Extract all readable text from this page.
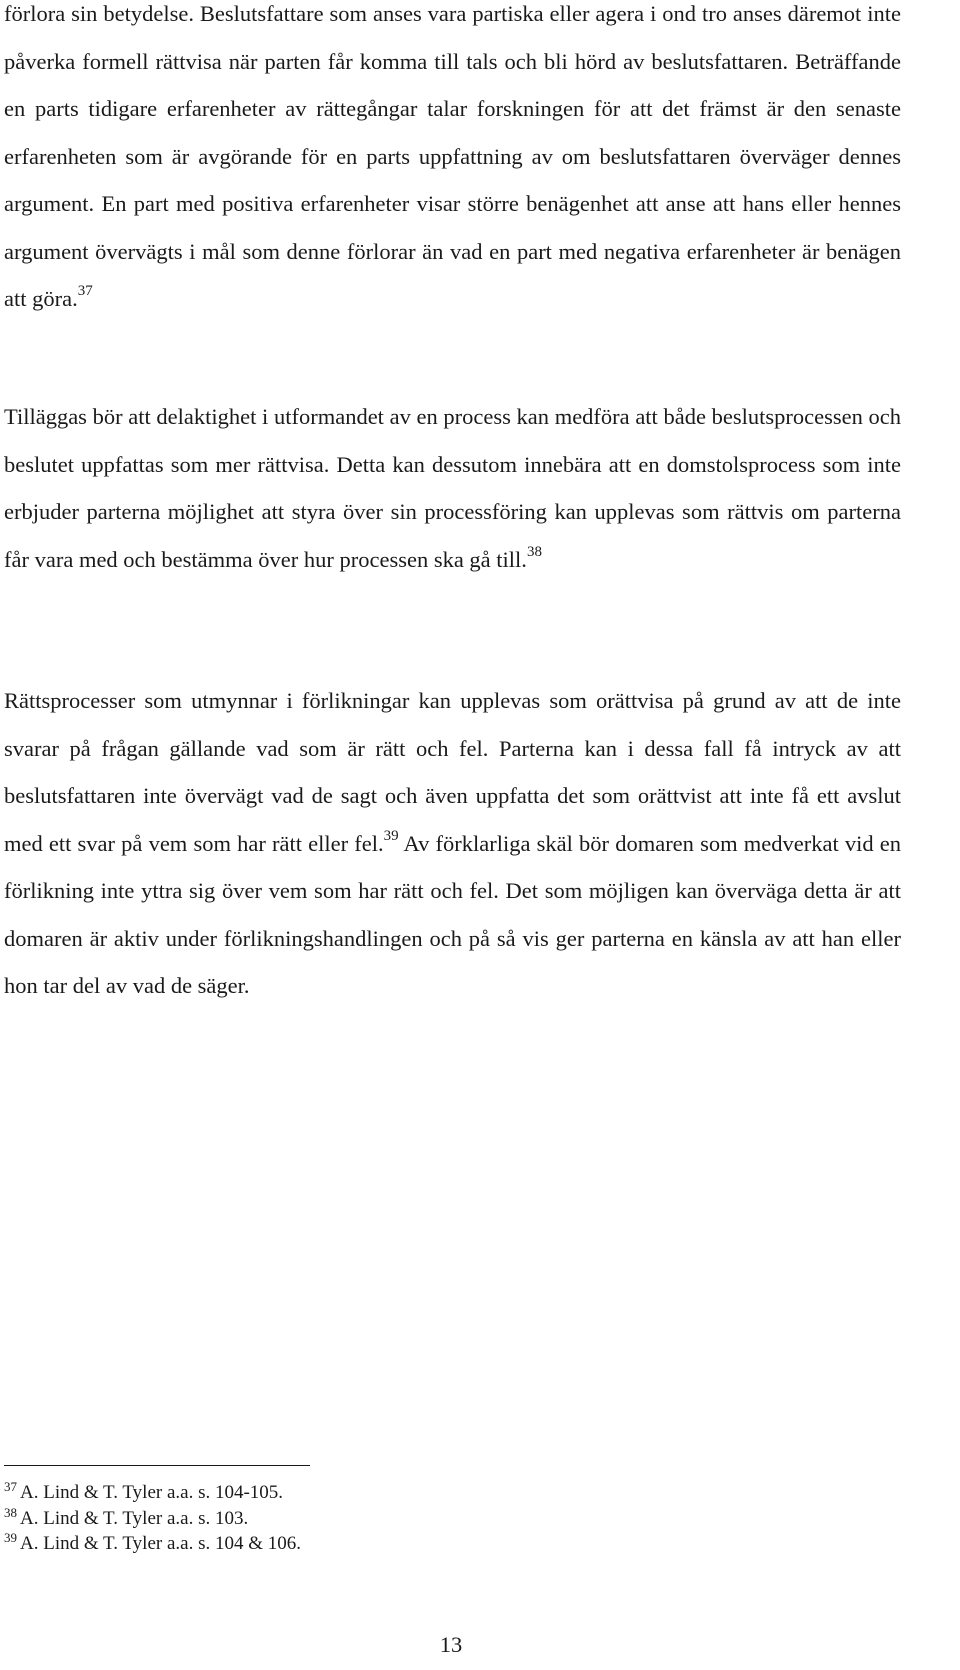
förlora sin betydelse. Beslutsfattare som anses vara partiska eller agera i ond tro anses däremot inte påverka formell rättvisa när parten får komma till tals och bli hörd av beslutsfattaren. Beträffande en parts tidigare erfarenheter av rättegångar talar forskningen för att det främst är den senaste erfarenheten som är avgörande för en parts uppfattning av om beslutsfattaren överväger dennes argument. En part med positiva erfarenheter visar större benägenhet att anse att hans eller hennes argument övervägts i mål som denne förlorar än vad en part med negativa erfarenheter är benägen att göra.$^{37}$

Tilläggas bör att delaktighet i utformandet av en process kan medföra att både beslutsprocessen och beslutet uppfattas som mer rättvisa. Detta kan dessutom innebära att en domstolsprocess som inte erbjuder parterna möjlighet att styra över sin processföring kan upplevas som rättvis om parterna får vara med och bestämma över hur processen ska gå till.$^{38}$

Rättsprocesser som utmynnar i förlikningar kan upplevas som orättvisa på grund av att de inte svarar på frågan gällande vad som är rätt och fel. Parterna kan i dessa fall få intryck av att beslutsfattaren inte övervägt vad de sagt och även uppfatta det som orättvist att inte få ett avslut med ett svar på vem som har rätt eller fel.$^{39}$ Av förklarliga skäl bör domaren som medverkat vid en förlikning inte yttra sig över vem som har rätt och fel. Det som möjligen kan överväga detta är att domaren är aktiv under förlikningshandlingen och på så vis ger parterna en känsla av att han eller hon tar del av vad de säger.

$^{37}$ A. Lind & T. Tyler a.a. s. 104-105.
$^{38}$ A. Lind & T. Tyler a.a. s. 103.
$^{39}$ A. Lind & T. Tyler a.a. s. 104 & 106.
13
